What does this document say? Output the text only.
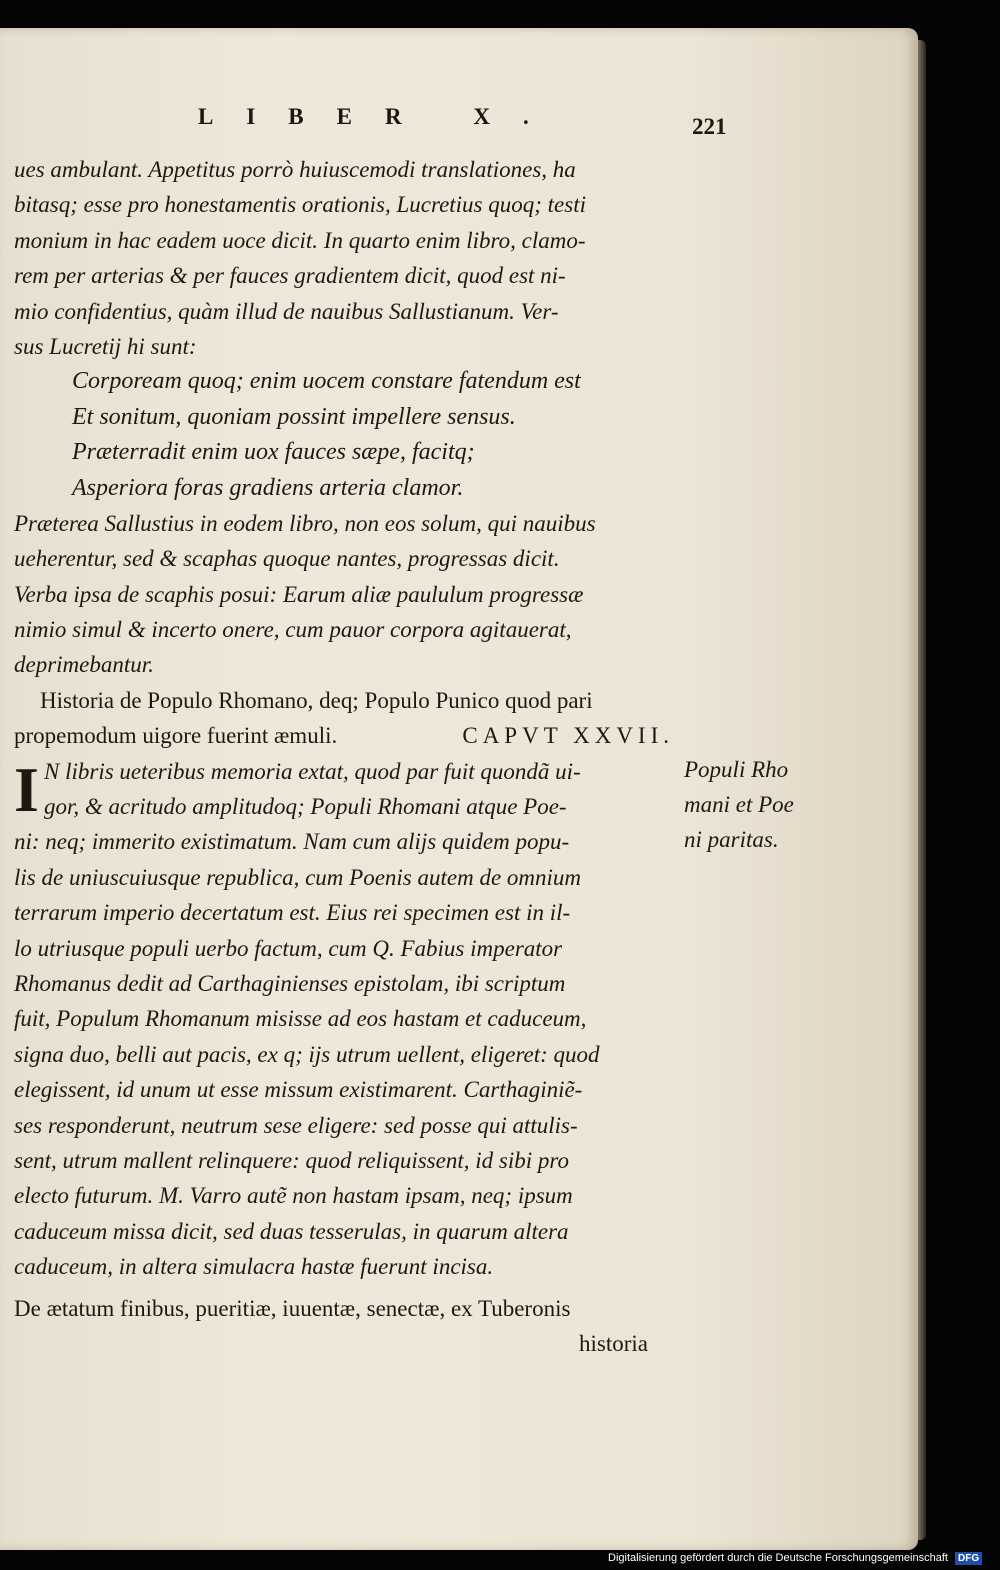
LIBER X.	221
ues ambulant. Appetitus porrò huiuscemodi translationes, ha
bitasq; esse pro honestamentis orationis, Lucretius quoq; testi
monium in hac eadem uoce dicit. In quarto enim libro, clamo-
rem per arterias & per fauces gradientem dicit, quod est ni-
mio confidentius, quàm illud de nauibus Sallustianum. Ver-
sus Lucretij hi sunt:
Corpoream quoq; enim uocem constare fatendum est
Et sonitum, quoniam possint impellere sensus.
Præterradit enim uox fauces sæpe, facitq;
Asperiora foras gradiens arteria clamor.
Præterea Sallustius in eodem libro, non eos solum, qui nauibus
ueherentur, sed & scaphas quoque nantes, progressas dicit.
Verba ipsa de scaphis posui: Earum aliæ paululum progressæ
nimio simul & incerto onere, cum pauor corpora agitauerat,
deprimebantur.
Historia de Populo Rhomano, deq; Populo Punico quod pari
propemodum uigore fuerint æmuli.	CAPVT XXVII.
I N libris ueteribus memoria extat, quod par fuit quondã ui-
gor, & acritudo amplitudoq; Populi Rhomani atque Poe-
ni: neq; immerito existimatum. Nam cum alijs quidem popu-
lis de uniuscuiusque republica, cum Poenis autem de omnium
terrarum imperio decertatum est. Eius rei specimen est in il-
lo utriusque populi uerbo factum, cum Q. Fabius imperator
Rhomanus dedit ad Carthaginienses epistolam, ibi scriptum
fuit, Populum Rhomanum misisse ad eos hastam et caduceum,
signa duo, belli aut pacis, ex q; ijs utrum uellent, eligeret: quod
elegissent, id unum ut esse missum existimarent. Carthaginiẽ-
ses responderunt, neutrum sese eligere: sed posse qui attulis-
sent, utrum mallent relinquere: quod reliquissent, id sibi pro
electo futurum. M. Varro autẽ non hastam ipsam, neq; ipsum
caduceum missa dicit, sed duas tesserulas, in quarum altera
caduceum, in altera simulacra hastæ fuerunt incisa.
De ætatum finibus, pueritiæ, iuuentæ, senectæ, ex Tuberonis
historia
Populi Rho
mani et Poe
ni paritas.
Digitalisierung gefördert durch die Deutsche Forschungsgemeinschaft DFG
